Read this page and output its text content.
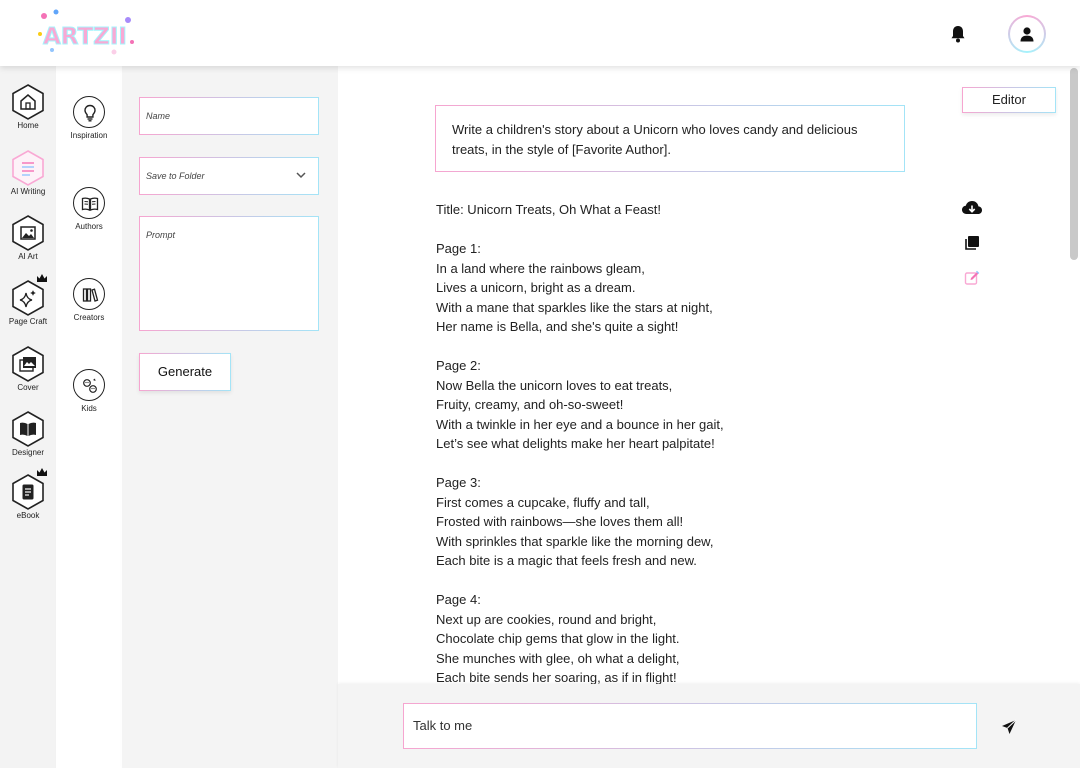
ARTZII
Home
AI Writing
AI Art
Page Craft
Cover
Designer
eBook
Inspiration
Authors
Creators
Kids
Name
Save to Folder
Prompt
Generate
Editor
Write a children's story about a Unicorn who loves candy and delicious treats, in the style of [Favorite Author].
Title: Unicorn Treats, Oh What a Feast!
Page 1:
In a land where the rainbows gleam,
Lives a unicorn, bright as a dream.
With a mane that sparkles like the stars at night,
Her name is Bella, and she's quite a sight!
Page 2:
Now Bella the unicorn loves to eat treats,
Fruity, creamy, and oh-so-sweet!
With a twinkle in her eye and a bounce in her gait,
Let’s see what delights make her heart palpitate!
Page 3:
First comes a cupcake, fluffy and tall,
Frosted with rainbows—she loves them all!
With sprinkles that sparkle like the morning dew,
Each bite is a magic that feels fresh and new.
Page 4:
Next up are cookies, round and bright,
Chocolate chip gems that glow in the light.
She munches with glee, oh what a delight,
Each bite sends her soaring, as if in flight!
Talk to me
